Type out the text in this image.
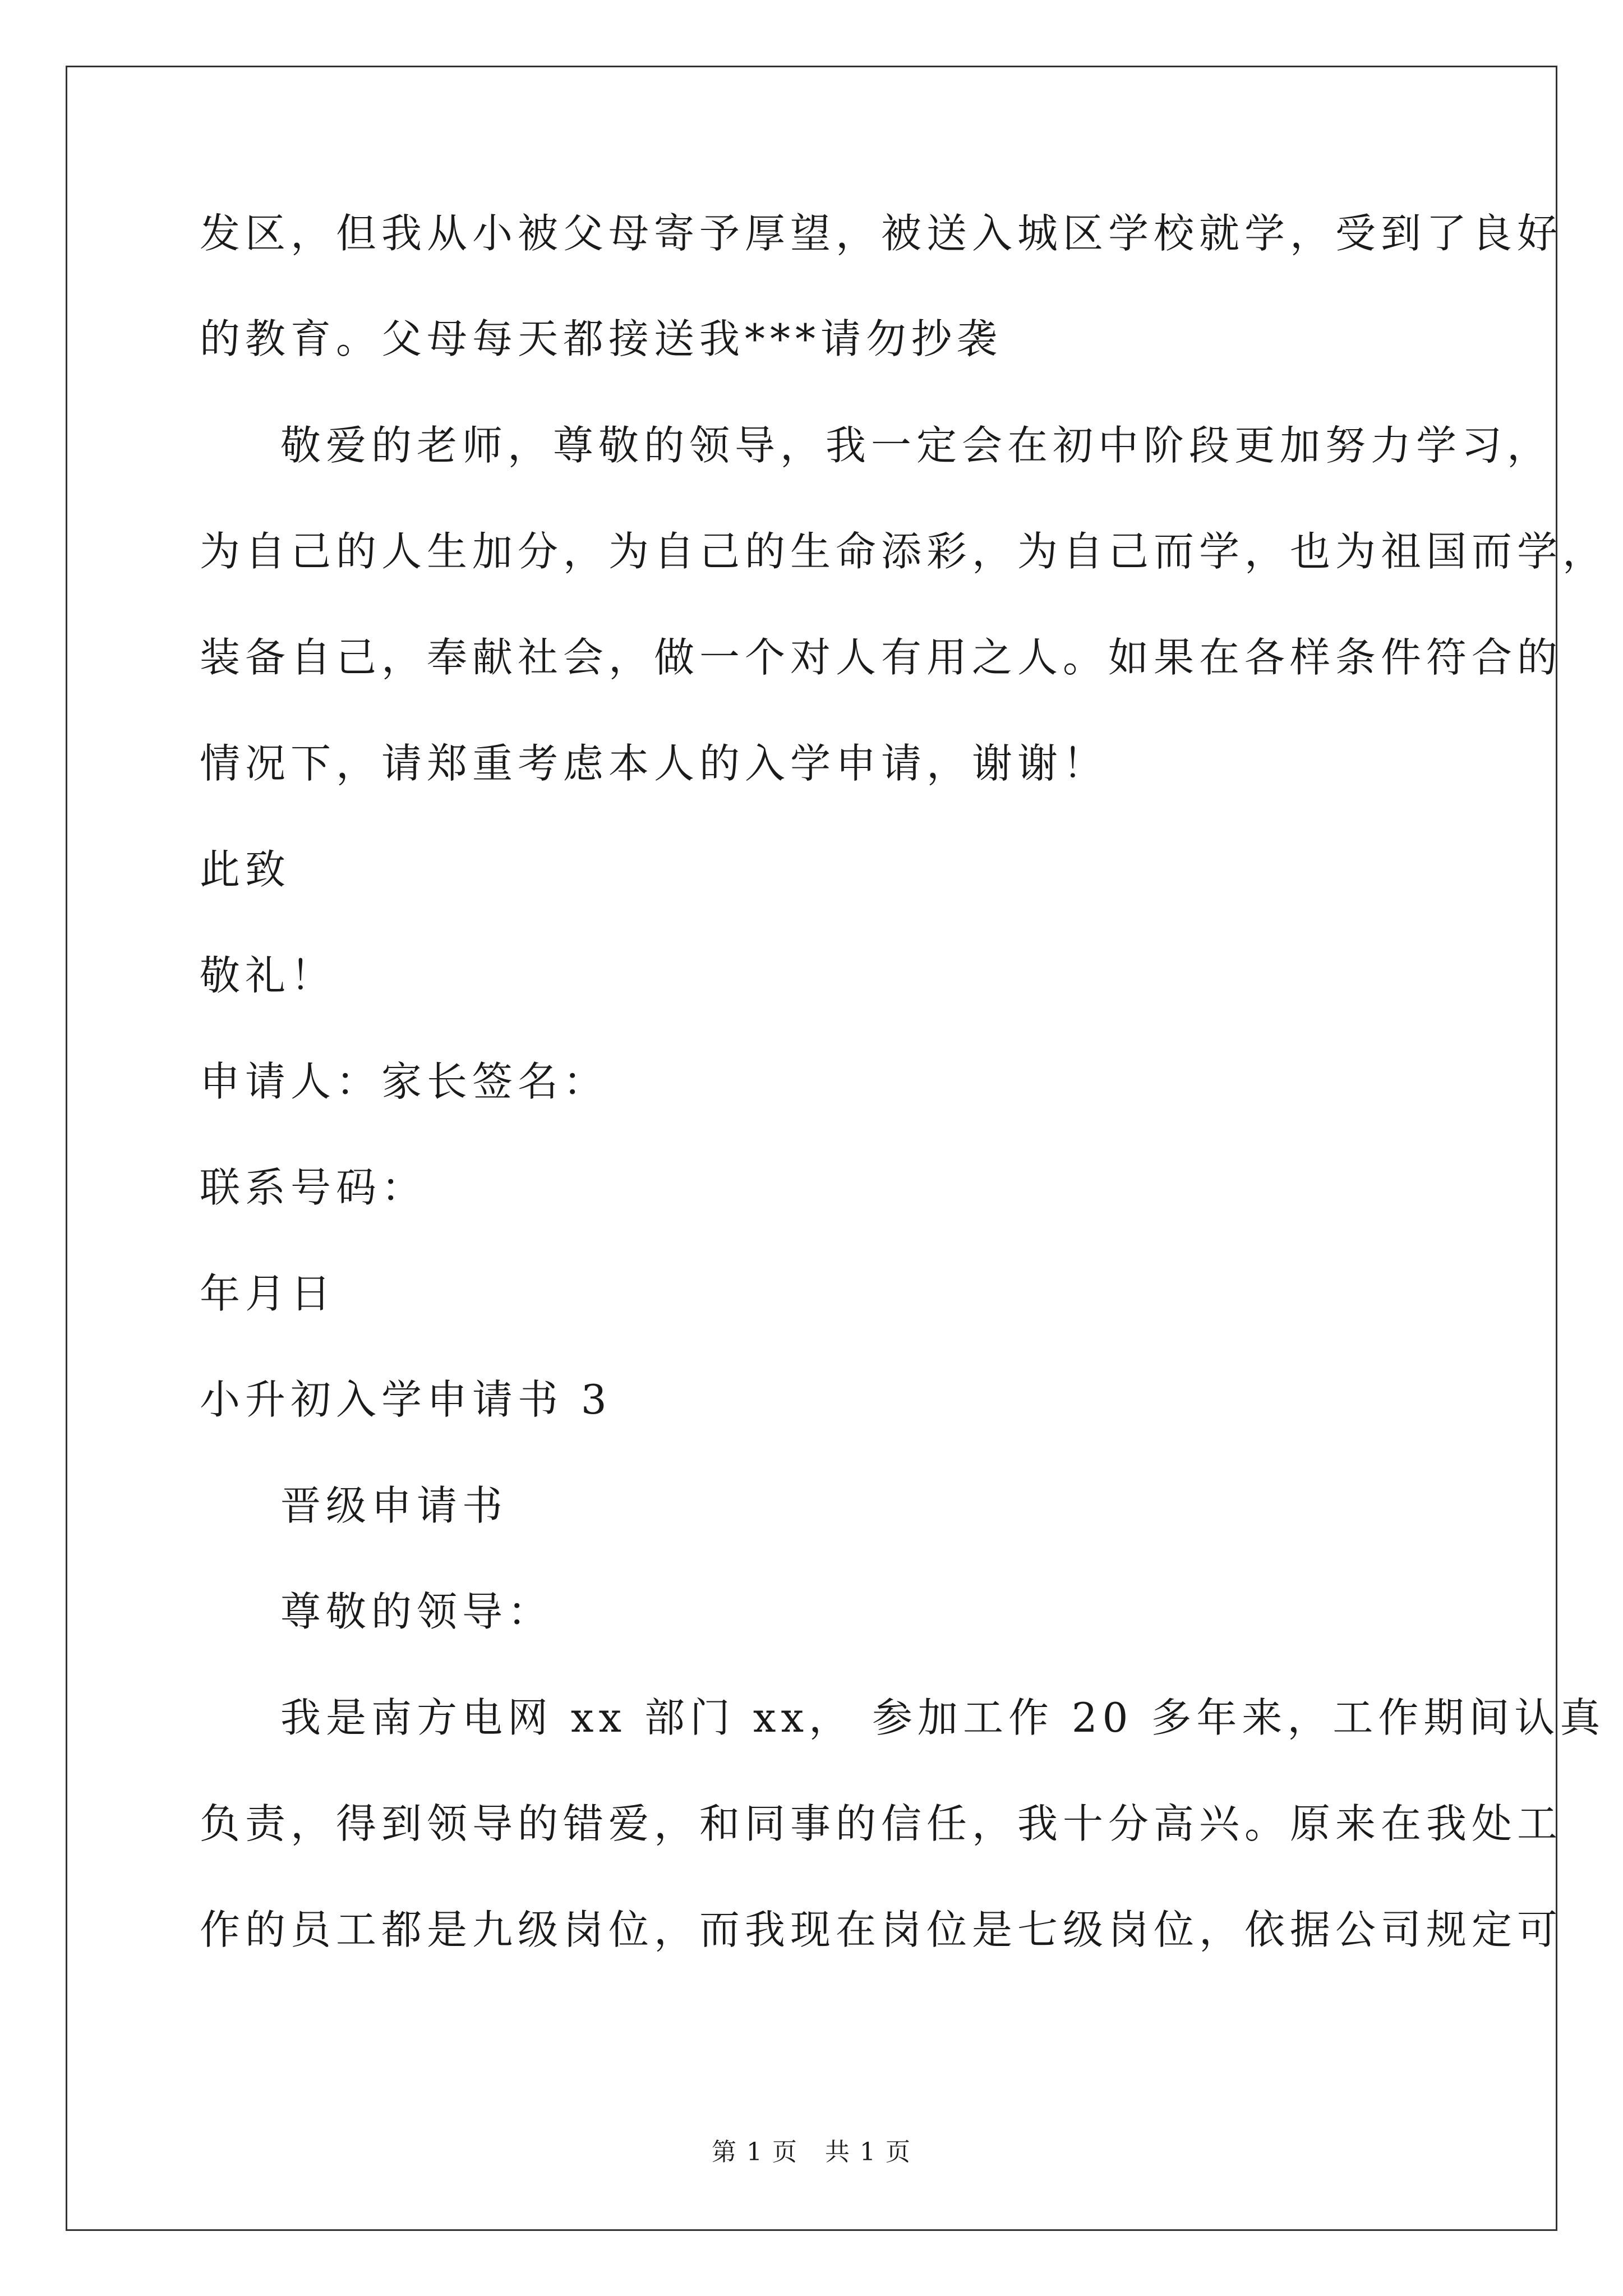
发区，但我从小被父母寄予厚望，被送入城区学校就学，受到了良好
的教育。父母每天都接送我***请勿抄袭
敬爱的老师，尊敬的领导，我一定会在初中阶段更加努力学习，
为自己的人生加分，为自己的生命添彩，为自己而学，也为祖国而学，
装备自己，奉献社会，做一个对人有用之人。如果在各样条件符合的
情况下，请郑重考虑本人的入学申请，谢谢！
此致
敬礼！
申请人：家长签名：
联系号码：
年月日
小升初入学申请书 3
晋级申请书
尊敬的领导：
我是南方电网 xx 部门 xx， 参加工作 20 多年来，工作期间认真
负责，得到领导的错爱，和同事的信任，我十分高兴。原来在我处工
作的员工都是九级岗位，而我现在岗位是七级岗位，依据公司规定可
第 1 页   共 1 页
